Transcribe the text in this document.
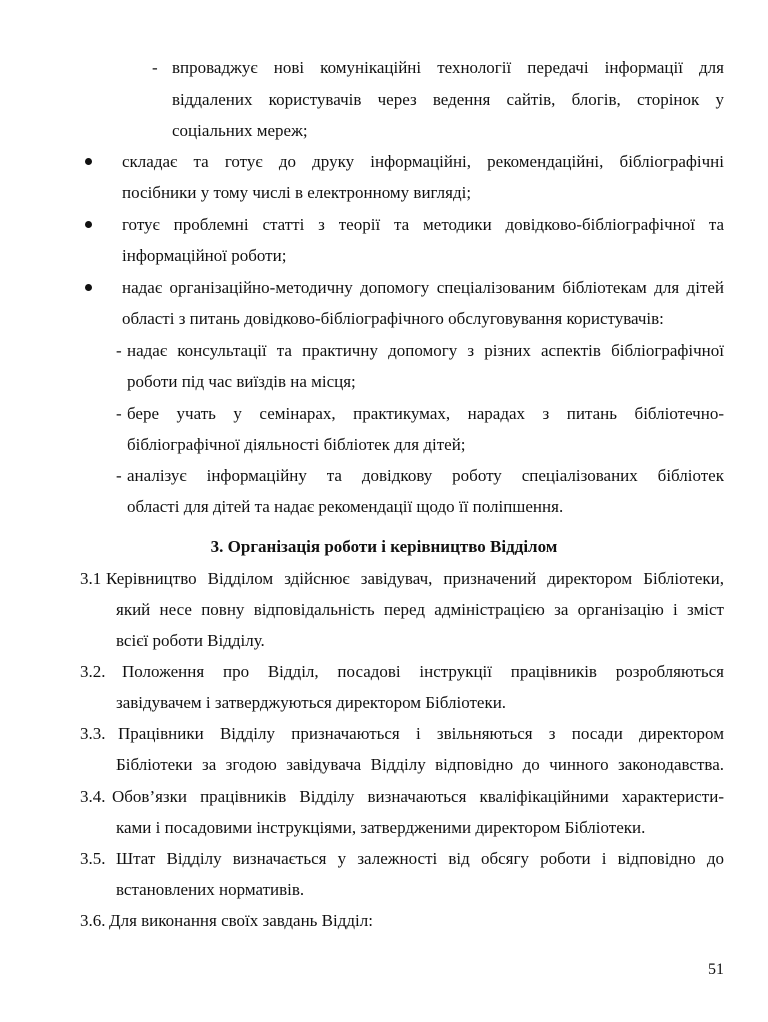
- впроваджує нові комунікаційні технології передачі інформації для
віддалених користувачів через ведення сайтів, блогів, сторінок у
соціальних мереж;
складає та готує до друку інформаційні, рекомендаційні, бібліографічні
посібники у тому числі в електронному вигляді;
готує проблемні статті з теорії та методики довідково-бібліографічної та
інформаційної роботи;
надає організаційно-методичну допомогу спеціалізованим бібліотекам для дітей
області з питань довідково-бібліографічного обслуговування користувачів:
- надає консультації та практичну допомогу з різних аспектів бібліографічної
роботи під час виїздів на місця;
- бере учать у семінарах, практикумах, нарадах з питань бібліотечно-
бібліографічної діяльності бібліотек для дітей;
- аналізує інформаційну та довідкову роботу спеціалізованих бібліотек
області для дітей та надає рекомендації щодо її поліпшення.
3. Організація роботи і керівництво Відділом
3.1 Керівництво Відділом здійснює завідувач, призначений директором Бібліотеки,
який несе повну відповідальність перед адміністрацією за організацію і зміст
всієї роботи Відділу.
3.2. Положення про Відділ, посадові інструкції працівників розробляються
завідувачем і затверджуються директором Бібліотеки.
3.3. Працівники Відділу призначаються і звільняються з посади директором
Бібліотеки за згодою завідувача Відділу відповідно до чинного законодавства.
3.4. Обов’язки працівників Відділу визначаються кваліфікаційними характеристи-
ками і посадовими інструкціями, затвердженими директором Бібліотеки.
3.5. Штат Відділу визначається у залежності від обсягу роботи і відповідно до
встановлених нормативів.
3.6. Для виконання своїх завдань Відділ:
51
